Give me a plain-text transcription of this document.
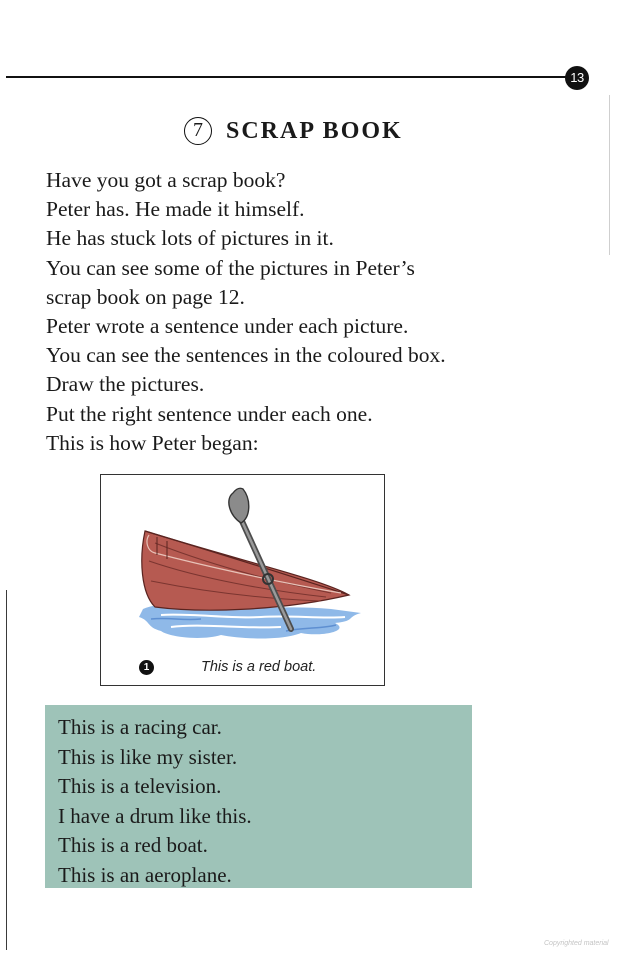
13
7 SCRAP BOOK
Have you got a scrap book?
Peter has. He made it himself.
He has stuck lots of pictures in it.
You can see some of the pictures in Peter’s
scrap book on page 12.
Peter wrote a sentence under each picture.
You can see the sentences in the coloured box.
Draw the pictures.
Put the right sentence under each one.
This is how Peter began:
1	This is a red boat.
This is a racing car.
This is like my sister.
This is a television.
I have a drum like this.
This is a red boat.
This is an aeroplane.
Copyrighted material
